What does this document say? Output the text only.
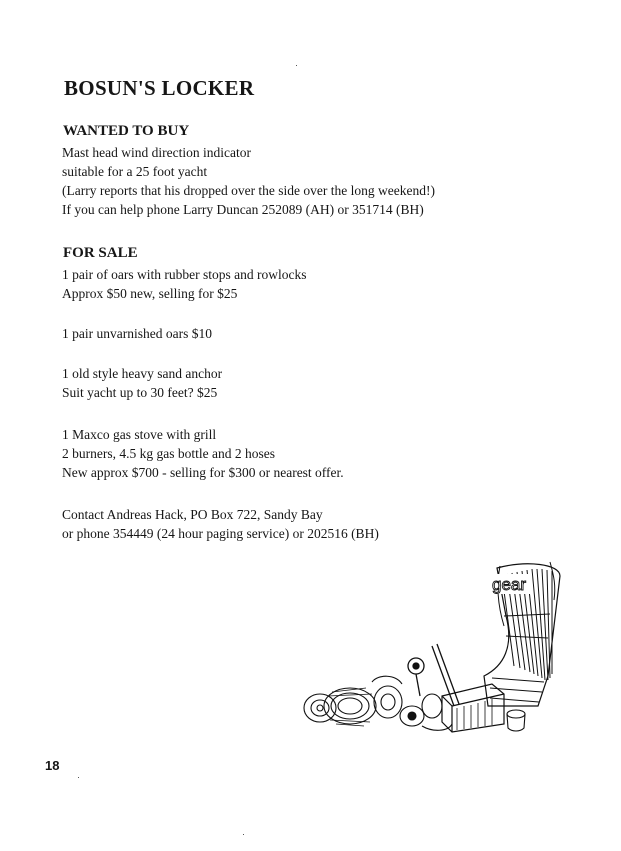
BOSUN'S LOCKER
WANTED TO BUY
Mast head wind direction indicator
suitable for a 25 foot yacht
(Larry reports that his dropped over the side over the long weekend!)
If you can help phone Larry Duncan 252089 (AH) or 351714 (BH)
FOR SALE
1 pair of oars with rubber stops and rowlocks
Approx $50 new, selling for $25
1 pair unvarnished oars $10
1 old style heavy sand anchor
Suit yacht up to 30 feet? $25
1 Maxco gas stove with grill
2 burners, 4.5 kg gas bottle and 2 hoses
New approx $700 - selling for $300 or nearest offer.
Contact Andreas Hack, PO Box 722, Sandy Bay
or phone 354449 (24 hour paging service) or 202516 (BH)
gear
18
